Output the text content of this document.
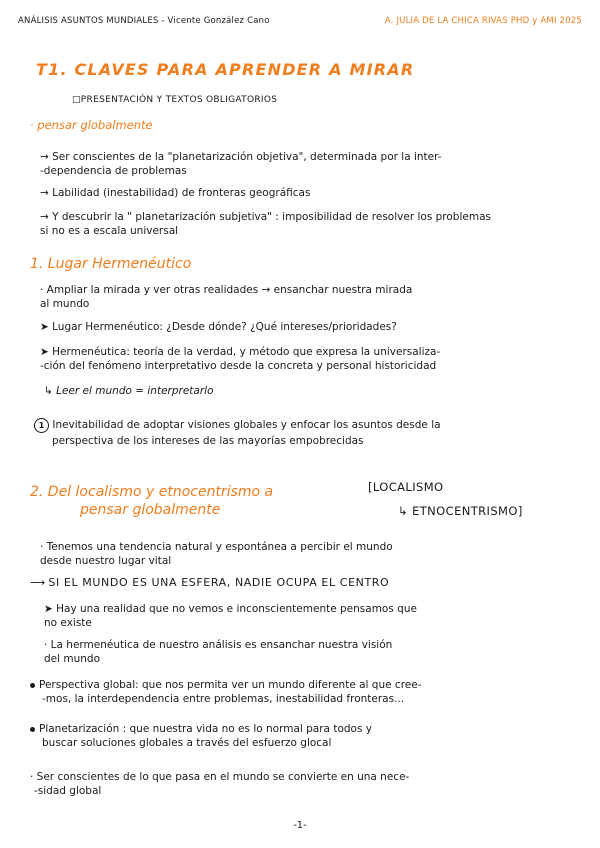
ANÁLISIS ASUNTOS MUNDIALES - Vicente González Cano	A. JULIA DE LA CHICA RIVAS PHD y AMI 2025
T1. CLAVES PARA APRENDER A MIRAR
□PRESENTACIÓN Y TEXTOS OBLIGATORIOS
· pensar globalmente
→ Ser conscientes de la "planetarización objetiva", determinada por la inter-
-dependencia de problemas
→ Labilidad (inestabilidad) de fronteras geográficas
→ Y descubrir la " planetarización subjetiva" : imposibilidad de resolver los problemas
si no es a escala universal
1. Lugar Hermenéutico
· Ampliar la mirada y ver otras realidades → ensanchar nuestra mirada
al mundo
➤ Lugar Hermenéutico: ¿Desde dónde? ¿Qué intereses/prioridades?
➤ Hermenéutica: teoría de la verdad, y método que expresa la universaliza-
-ción del fenómeno interpretativo desde la concreta y personal historicidad
↳ Leer el mundo = interpretarlo
1 Inevitabilidad de adoptar visiones globales y enfocar los asuntos desde la
perspectiva de los intereses de las mayorías empobrecidas
2. Del localismo y etnocentrismo a
pensar globalmente
[LOCALISMO
↳ ETNOCENTRISMO]
· Tenemos una tendencia natural y espontánea a percibir el mundo
desde nuestro lugar vital
⟶ SI EL MUNDO ES UNA ESFERA, NADIE OCUPA EL CENTRO
➤ Hay una realidad que no vemos e inconscientemente pensamos que
no existe
· La hermenéutica de nuestro análisis es ensanchar nuestra visión
del mundo
Perspectiva global: que nos permita ver un mundo diferente al que cree-
-mos, la interdependencia entre problemas, inestabilidad fronteras...
Planetarización : que nuestra vida no es lo normal para todos y
buscar soluciones globales a través del esfuerzo glocal
· Ser conscientes de lo que pasa en el mundo se convierte en una nece-
-sidad global
-1-
